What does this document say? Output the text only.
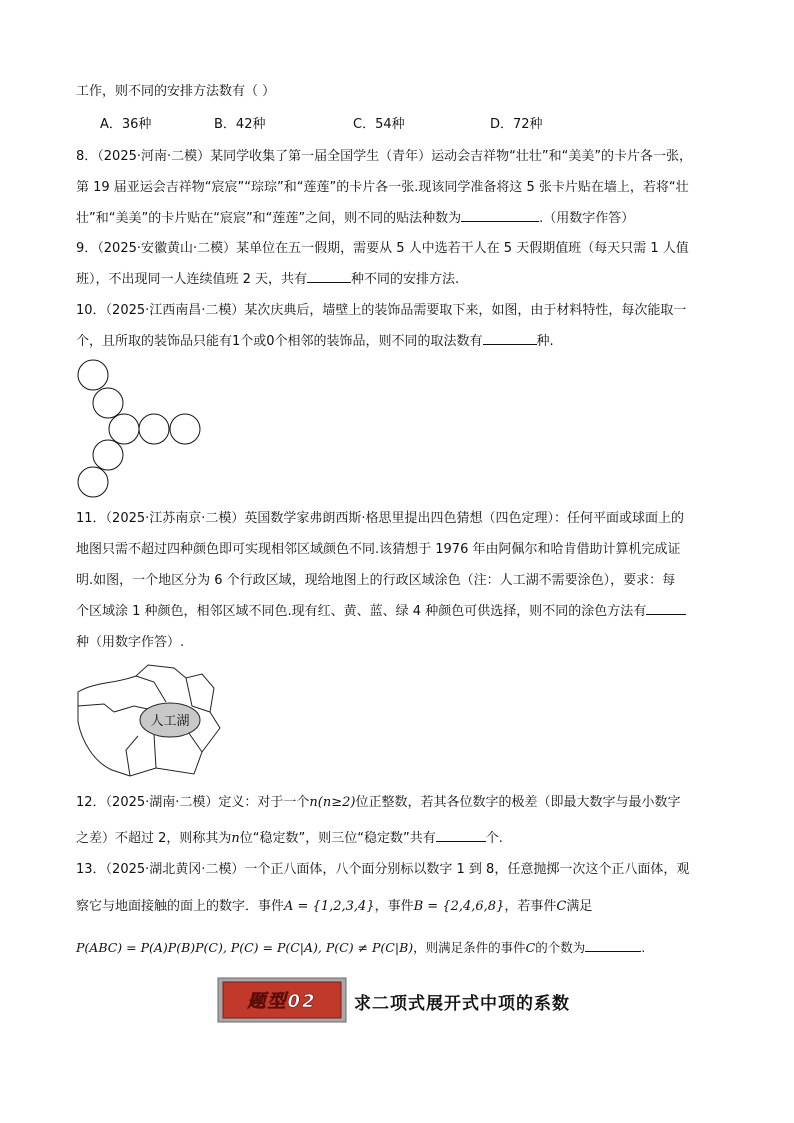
工作，则不同的安排方法数有（ ）
A．36种	B．42种	C．54种	D．72种
8．（2025·河南·二模）某同学收集了第一届全国学生（青年）运动会吉祥物“壮壮”和“美美”的卡片各一张，
第 19 届亚运会吉祥物“宸宸”“琮琮”和“莲莲”的卡片各一张.现该同学准备将这 5 张卡片贴在墙上，若将“壮
壮”和“美美”的卡片贴在“宸宸”和“莲莲”之间，则不同的贴法种数为	.（用数字作答）
9．（2025·安徽黄山·二模）某单位在五一假期，需要从 5 人中选若干人在 5 天假期值班（每天只需 1 人值
班），不出现同一人连续值班 2 天，共有	种不同的安排方法.
10．（2025·江西南昌·二模）某次庆典后，墙壁上的装饰品需要取下来，如图，由于材料特性，每次能取一
个，且所取的装饰品只能有1个或0个相邻的装饰品，则不同的取法数有	种.
11．（2025·江苏南京·二模）英国数学家弗朗西斯·格思里提出四色猜想（四色定理）：任何平面或球面上的
地图只需不超过四种颜色即可实现相邻区域颜色不同.该猜想于 1976 年由阿佩尔和哈肯借助计算机完成证
明.如图，一个地区分为 6 个行政区域，现给地图上的行政区域涂色（注：人工湖不需要涂色），要求：每
个区域涂 1 种颜色，相邻区域不同色.现有红、黄、蓝、绿 4 种颜色可供选择，则不同的涂色方法有
种（用数字作答）.
人工湖
12．（2025·湖南·二模）定义：对于一个n(n≥2)位正整数，若其各位数字的极差（即最大数字与最小数字
之差）不超过 2，则称其为n位“稳定数”，则三位“稳定数”共有	个.
13．（2025·湖北黄冈·二模）一个正八面体，八个面分别标以数字 1 到 8，任意抛掷一次这个正八面体，观
察它与地面接触的面上的数字．事件A = {1,2,3,4}，事件B = {2,4,6,8}，若事件C满足
P(ABC) = P(A)P(B)P(C), P(C) = P(C|A), P(C) ≠ P(C|B)，则满足条件的事件C的个数为	.
题型02 求二项式展开式中项的系数
